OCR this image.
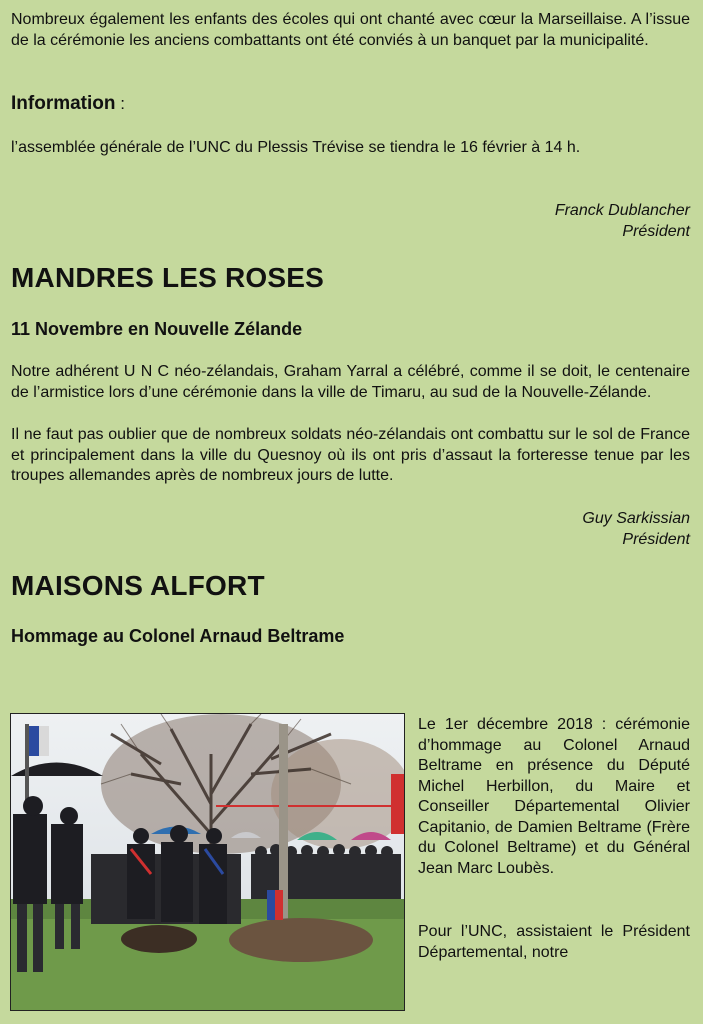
Nombreux également les enfants des écoles qui ont chanté avec cœur la Marseillaise. A l’issue de la cérémonie les anciens combattants ont été conviés à un banquet par la municipalité.

Information :

l’assemblée générale de l’UNC du Plessis Trévise se tiendra le 16 février à 14 h.

Franck Dublancher
Président
MANDRES LES ROSES
11 Novembre en Nouvelle Zélande

Notre adhérent U N C néo-zélandais, Graham Yarral a célébré, comme il se doit, le centenaire de l’armistice lors d’une cérémonie dans la ville de Timaru, au sud de la Nouvelle-Zélande.

Il ne faut pas oublier que de nombreux soldats néo-zélandais ont combattu sur le sol de France et principalement dans la ville du Quesnoy où ils ont pris d’assaut la forteresse tenue par les troupes allemandes après de nombreux jours de lutte.

Guy Sarkissian
Président
MAISONS ALFORT
Hommage au Colonel Arnaud Beltrame

Le 1er décembre 2018 : cérémonie d’hommage au Colonel Arnaud Beltrame en présence du Député Michel Herbillon, du Maire et Conseiller Départemental Olivier Capitanio, de Damien Beltrame (Frère du Colonel Beltrame) et du Général Jean Marc Loubès.

Pour l’UNC, assistaient le Président Départemental, notre
